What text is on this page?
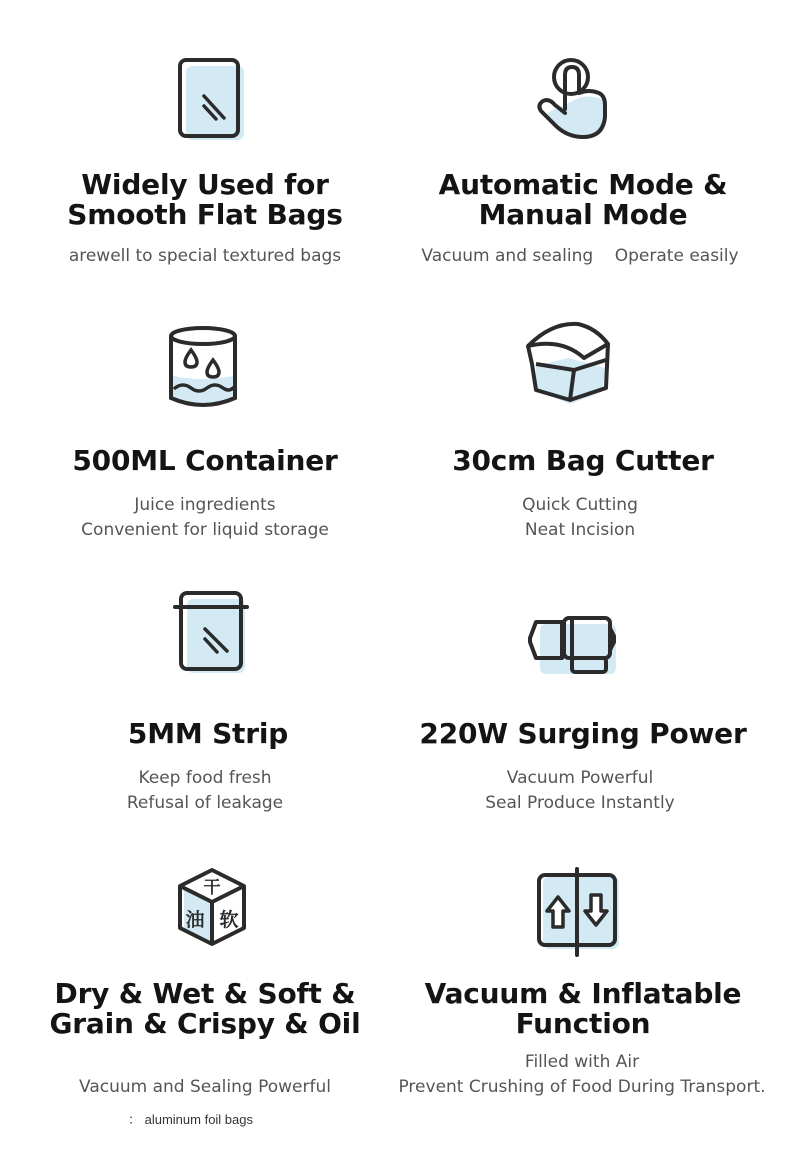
Widely Used for
Smooth Flat Bags
arewell to special textured bags
Automatic Mode &
Manual Mode
Vacuum and sealing    Operate easily
500ML Container
Juice ingredients
Convenient for liquid storage
30cm Bag Cutter
Quick Cutting
Neat Incision
5MM Strip
Keep food fresh
Refusal of leakage
220W Surging Power
Vacuum Powerful
Seal Produce Instantly
干
油 软
Dry & Wet & Soft &
Grain & Crispy & Oil
Vacuum and Sealing Powerful
： aluminum foil bags
Vacuum & Inflatable
Function
Filled with Air
Prevent Crushing of Food During Transport.
